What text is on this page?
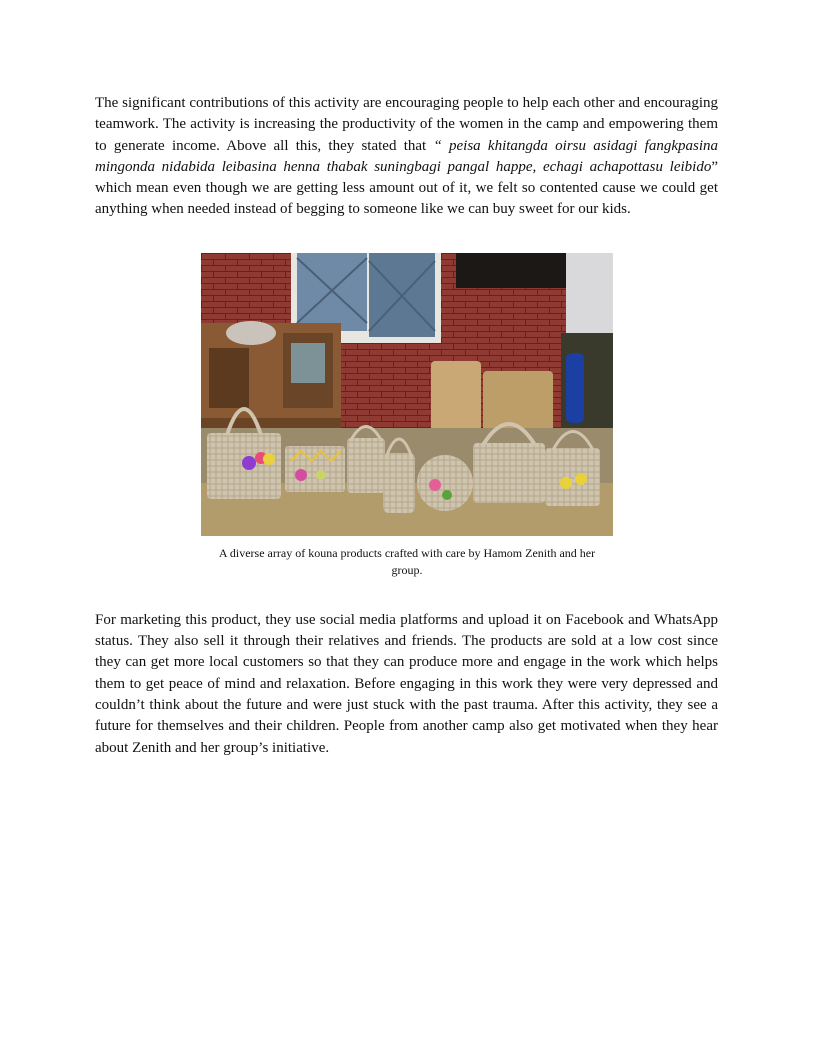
The significant contributions of this activity are encouraging people to help each other and encouraging teamwork. The activity is increasing the productivity of the women in the camp and empowering them to generate income. Above all this, they stated that “ peisa khitangda oirsu asidagi fangkpasina mingonda nidabida leibasina henna thabak suningbagi pangal happe, echagi achapottasu leibido” which mean even though we are getting less amount out of it, we felt so contented cause we could get anything when needed instead of begging to someone like we can buy sweet for our kids.

A diverse array of kouna products crafted with care by Hamom Zenith and her group.

For marketing this product, they use social media platforms and upload it on Facebook and WhatsApp status. They also sell it through their relatives and friends. The products are sold at a low cost since they can get more local customers so that they can produce more and engage in the work which helps them to get peace of mind and relaxation. Before engaging in this work they were very depressed and couldn’t think about the future and were just stuck with the past trauma. After this activity, they see a future for themselves and their children. People from another camp also get motivated when they hear about Zenith and her group’s initiative.
